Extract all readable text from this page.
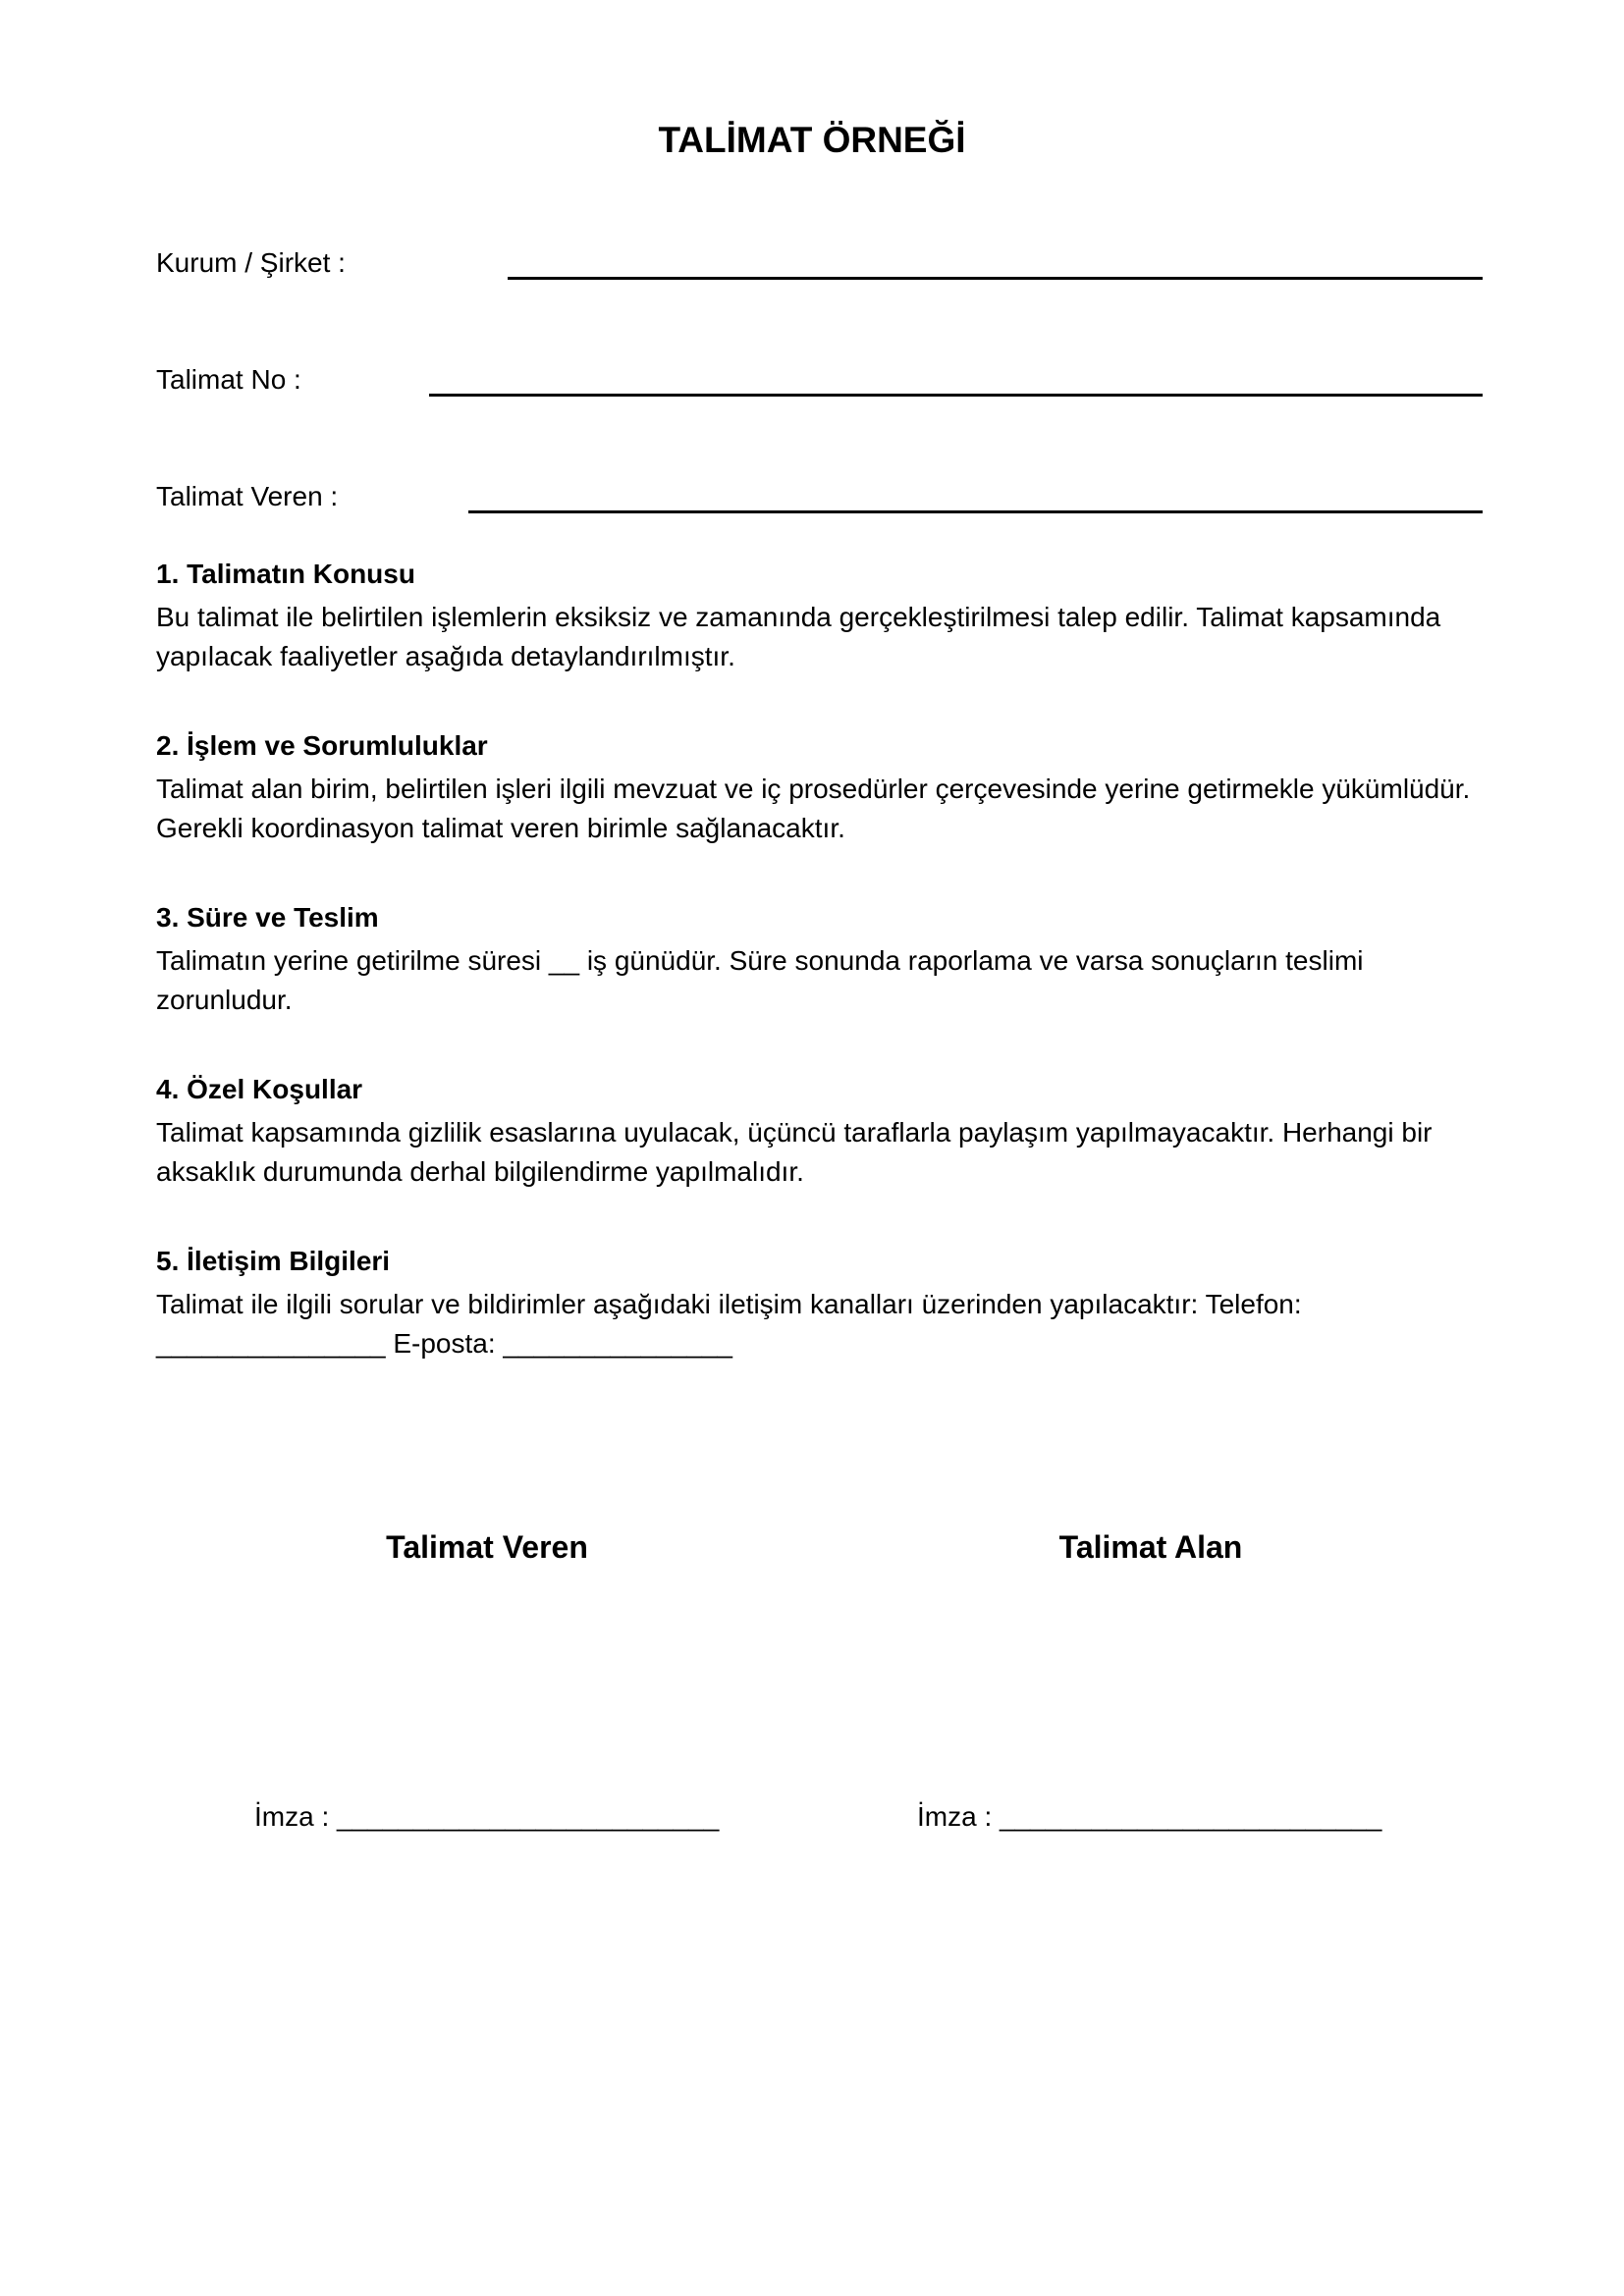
TALİMAT ÖRNEĞİ
Kurum / Şirket :
Talimat No :
Talimat Veren :

1. Talimatın Konusu

Bu talimat ile belirtilen işlemlerin eksiksiz ve zamanında gerçekleştirilmesi talep edilir. Talimat kapsamında yapılacak faaliyetler aşağıda detaylandırılmıştır.

2. İşlem ve Sorumluluklar

Talimat alan birim, belirtilen işleri ilgili mevzuat ve iç prosedürler çerçevesinde yerine getirmekle yükümlüdür. Gerekli koordinasyon talimat veren birimle sağlanacaktır.

3. Süre ve Teslim

Talimatın yerine getirilme süresi __ iş günüdür. Süre sonunda raporlama ve varsa sonuçların teslimi zorunludur.

4. Özel Koşullar

Talimat kapsamında gizlilik esaslarına uyulacak, üçüncü taraflarla paylaşım yapılmayacaktır. Herhangi bir aksaklık durumunda derhal bilgilendirme yapılmalıdır.

5. İletişim Bilgileri

Talimat ile ilgili sorular ve bildirimler aşağıdaki iletişim kanalları üzerinden yapılacaktır: Telefon: _______________ E-posta: _______________

Talimat Veren	Talimat Alan
İmza : _________________________	İmza : _________________________
